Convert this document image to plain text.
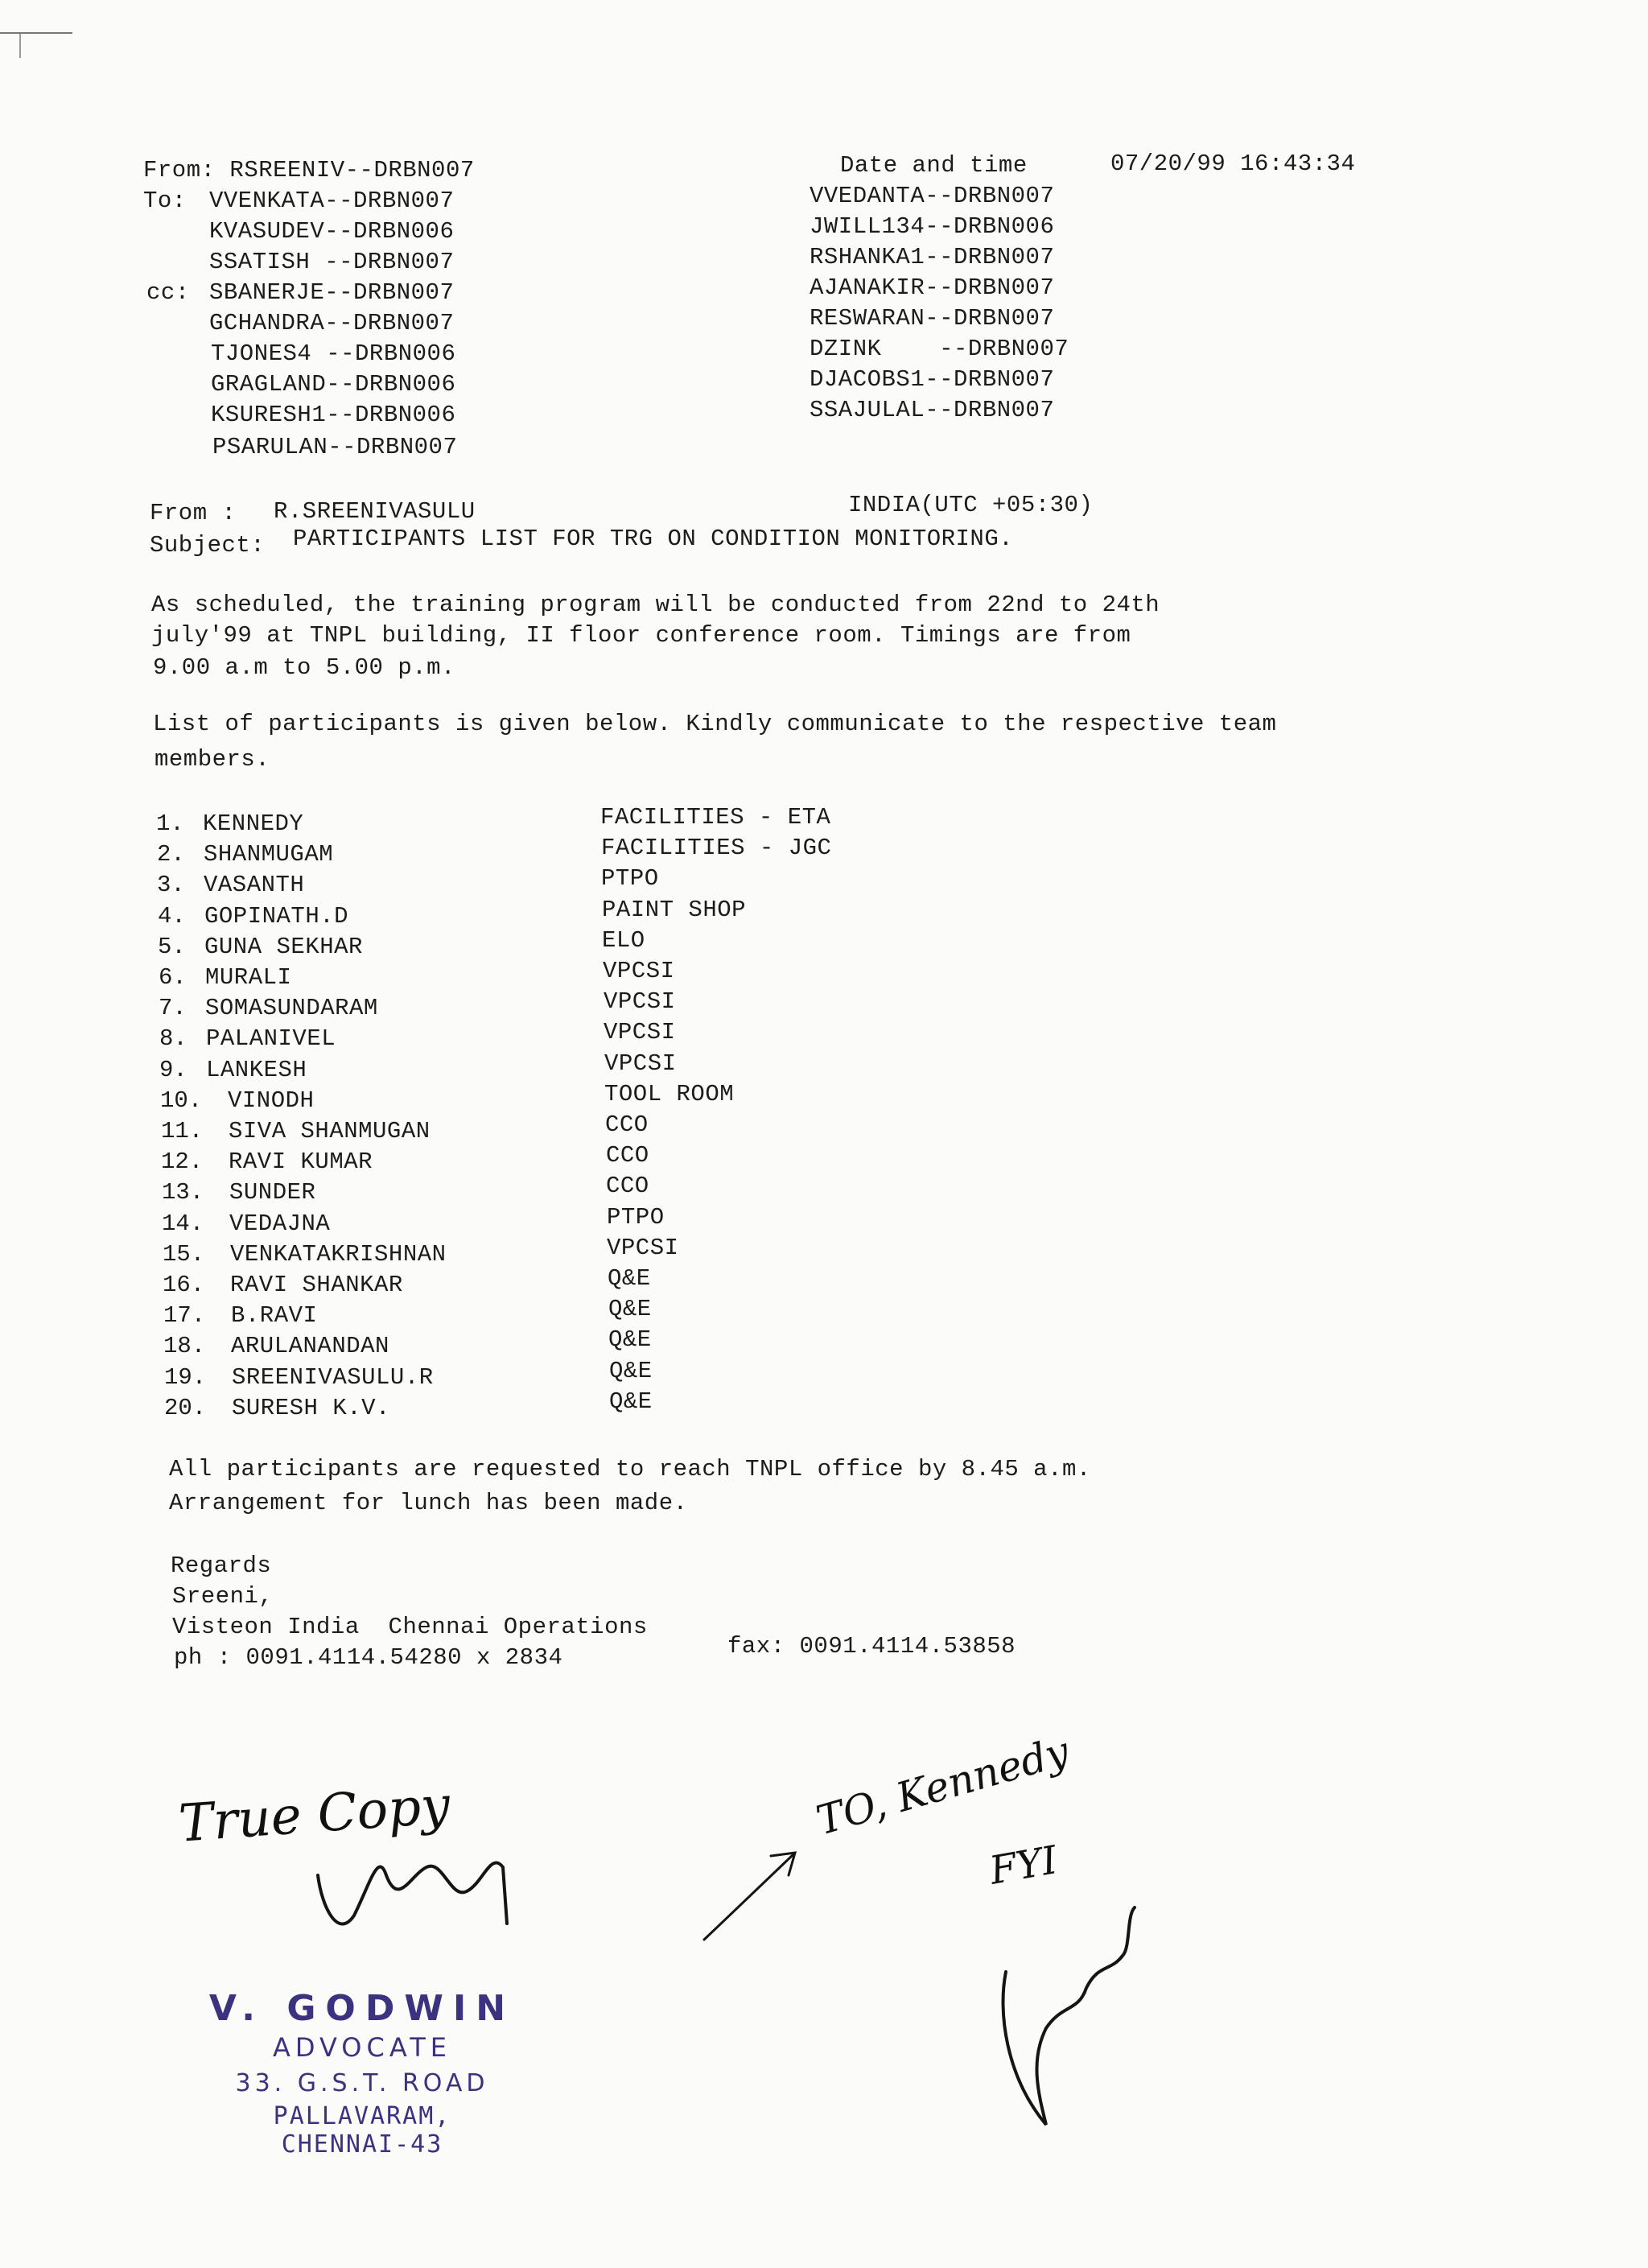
From: RSREENIV--DRBN007
To: VVENKATA--DRBN007
KVASUDEV--DRBN006
SSATISH --DRBN007
cc: SBANERJE--DRBN007
GCHANDRA--DRBN007
TJONES4 --DRBN006
GRAGLAND--DRBN006
KSURESH1--DRBN006
PSARULAN--DRBN007
Date and time	07/20/99 16:43:34
VVEDANTA--DRBN007
JWILL134--DRBN006
RSHANKA1--DRBN007
AJANAKIR--DRBN007
RESWARAN--DRBN007
DZINK    --DRBN007
DJACOBS1--DRBN007
SSAJULAL--DRBN007
From : R.SREENIVASULU	INDIA(UTC +05:30)
Subject: PARTICIPANTS LIST FOR TRG ON CONDITION MONITORING.
As scheduled, the training program will be conducted from 22nd to 24th
july'99 at TNPL building, II floor conference room. Timings are from
9.00 a.m to 5.00 p.m.
List of participants is given below. Kindly communicate to the respective team
members.
1. KENNEDY	FACILITIES - ETA
2. SHANMUGAM	FACILITIES - JGC
3. VASANTH	PTPO
4. GOPINATH.D	PAINT SHOP
5. GUNA SEKHAR	ELO
6. MURALI	VPCSI
7. SOMASUNDARAM	VPCSI
8. PALANIVEL	VPCSI
9. LANKESH	VPCSI
10. VINODH	TOOL ROOM
11. SIVA SHANMUGAN	CCO
12. RAVI KUMAR	CCO
13. SUNDER	CCO
14. VEDAJNA	PTPO
15. VENKATAKRISHNAN	VPCSI
16. RAVI SHANKAR	Q&E
17. B.RAVI	Q&E
18. ARULANANDAN	Q&E
19. SREENIVASULU.R	Q&E
20. SURESH K.V.	Q&E
All participants are requested to reach TNPL office by 8.45 a.m.
Arrangement for lunch has been made.
Regards
Sreeni,
Visteon India  Chennai Operations
ph : 0091.4114.54280 x 2834	fax: 0091.4114.53858
True Copy	TO, Kennedy
FYI
V. GODWIN
ADVOCATE
33. G.S.T. ROAD
PALLAVARAM, CHENNAI-43
